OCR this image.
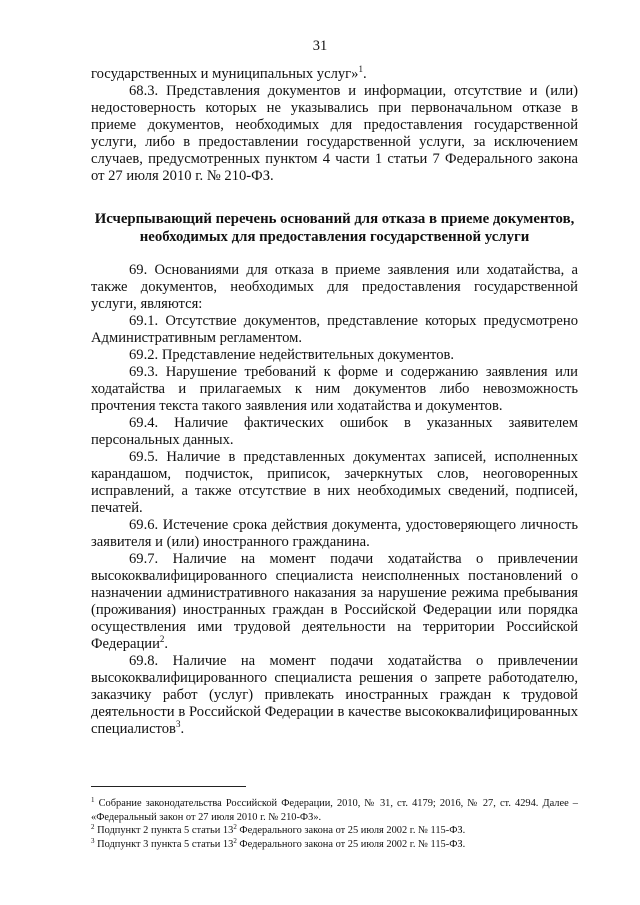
31

государственных и муниципальных услуг»$^1$.

68.3. Представления документов и информации, отсутствие и (или) недостоверность которых не указывались при первоначальном отказе в приеме документов, необходимых для предоставления государственной услуги, либо в предоставлении государственной услуги, за исключением случаев, предусмотренных пунктом 4 части 1 статьи 7 Федерального закона от 27 июля 2010 г. № 210-ФЗ.

Исчерпывающий перечень оснований для отказа в приеме документов, необходимых для предоставления государственной услуги

69. Основаниями для отказа в приеме заявления или ходатайства, а также документов, необходимых для предоставления государственной услуги, являются:

69.1. Отсутствие документов, представление которых предусмотрено Административным регламентом.

69.2. Представление недействительных документов.

69.3. Нарушение требований к форме и содержанию заявления или ходатайства и прилагаемых к ним документов либо невозможность прочтения текста такого заявления или ходатайства и документов.

69.4. Наличие фактических ошибок в указанных заявителем персональных данных.

69.5. Наличие в представленных документах записей, исполненных карандашом, подчисток, приписок, зачеркнутых слов, неоговоренных исправлений, а также отсутствие в них необходимых сведений, подписей, печатей.

69.6. Истечение срока действия документа, удостоверяющего личность заявителя и (или) иностранного гражданина.

69.7. Наличие на момент подачи ходатайства о привлечении высококвалифицированного специалиста неисполненных постановлений о назначении административного наказания за нарушение режима пребывания (проживания) иностранных граждан в Российской Федерации или порядка осуществления ими трудовой деятельности на территории Российской Федерации$^2$.

69.8. Наличие на момент подачи ходатайства о привлечении высококвалифицированного специалиста решения о запрете работодателю, заказчику работ (услуг) привлекать иностранных граждан к трудовой деятельности в Российской Федерации в качестве высококвалифицированных специалистов$^3$.

$^1$ Собрание законодательства Российской Федерации, 2010, № 31, ст. 4179; 2016, № 27, ст. 4294. Далее – «Федеральный закон от 27 июля 2010 г. № 210-ФЗ».

$^2$ Подпункт 2 пункта 5 статьи 13$^2$ Федерального закона от 25 июля 2002 г. № 115-ФЗ.

$^3$ Подпункт 3 пункта 5 статьи 13$^2$ Федерального закона от 25 июля 2002 г. № 115-ФЗ.
